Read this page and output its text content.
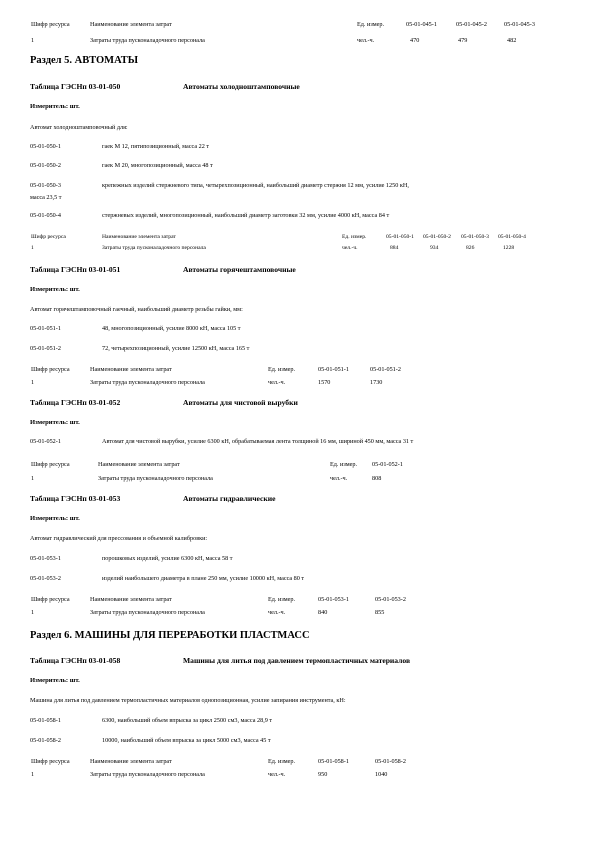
Шифр ресурса	Наименование элемента затрат	Ед. измер.	05-01-045-1	05-01-045-2	05-01-045-3
1	Затраты труда пусконаладочного персонала	чел.-ч.	470	479	482
Раздел 5. АВТОМАТЫ
Таблица ГЭСНп 03-01-050	Автоматы холодноштамповочные
Измеритель: шт.
Автомат холодноштамповочный для:
05-01-050-1	гаек М 12, пятипозиционный, масса 22 т
05-01-050-2	гаек М 20, многопозиционный, масса 48 т
05-01-050-3	крепежных изделий стержневого типа, четырехпозиционный, наибольший диаметр стержня 12 мм, усилие 1250 кН,
массa 23,5 т
05-01-050-4	стержневых изделий, многопозиционный, наибольший диаметр заготовки 32 мм, усилие 4000 кН, масса 84 т
Шифр ресурса	Наименование элемента затрат	Ед. измер.	05-01-050-1 05-01-050-2 05-01-050-3 05-01-050-4
1	Затраты труда пусконаладочного персонала	чел.-ч.	884	934	826	1228
Таблица ГЭСНп 03-01-051	Автоматы горячештамповочные
Измеритель: шт.
Автомат горячештамповочный гаечный, наибольший диаметр резьбы гайки, мм:
05-01-051-1	48, многопозиционный, усилие 8000 кН, масса 105 т
05-01-051-2	72, четырехпозиционный, усилие 12500 кН, масса 165 т
Шифр ресурса	Наименование элемента затрат	Ед. измер.	05-01-051-1	05-01-051-2
1	Затраты труда пусконаладочного персонала	чел.-ч.	1570	1730
Таблица ГЭСНп 03-01-052	Автоматы для чистовой вырубки
Измеритель: шт.
05-01-052-1	Автомат для чистовой вырубки, усилие 6300 кН, обрабатываемая лента толщиной 16 мм, шириной 450 мм, масса 31 т
Шифр ресурса	Наименование элемента затрат	Ед. измер. 05-01-052-1
1	Затраты труда пусконаладочного персонала	чел.-ч.	808
Таблица ГЭСНп 03-01-053	Автоматы гидравлические
Измеритель: шт.
Автомат гидравлический для прессования и объемной калибровки:
05-01-053-1	порошковых изделий, усилие 6300 кН, масса 58 т
05-01-053-2	изделий наибольшего диаметра в плане 250 мм, усилие 10000 кН, масса 80 т
Шифр ресурса	Наименование элемента затрат	Ед. измер.	05-01-053-1	05-01-053-2
1	Затраты труда пусконаладочного персонала	чел.-ч.	840	855
Раздел 6. МАШИНЫ ДЛЯ ПЕРЕРАБОТКИ ПЛАСТМАСС
Таблица ГЭСНп 03-01-058	Машины для литья под давлением термопластичных материалов
Измеритель: шт.
Машина для литья под давлением термопластичных материалов однопозиционная, усилие запирания инструмента, кН:
05-01-058-1	6300, наибольший объем впрыска за цикл 2500 см3, масса 28,9 т
05-01-058-2	10000, наибольший объем впрыска за цикл 5000 см3, масса 45 т
Шифр ресурса	Наименование элемента затрат	Ед. измер.	05-01-058-1	05-01-058-2
1	Затраты труда пусконаладочного персонала	чел.-ч.	950	1040
